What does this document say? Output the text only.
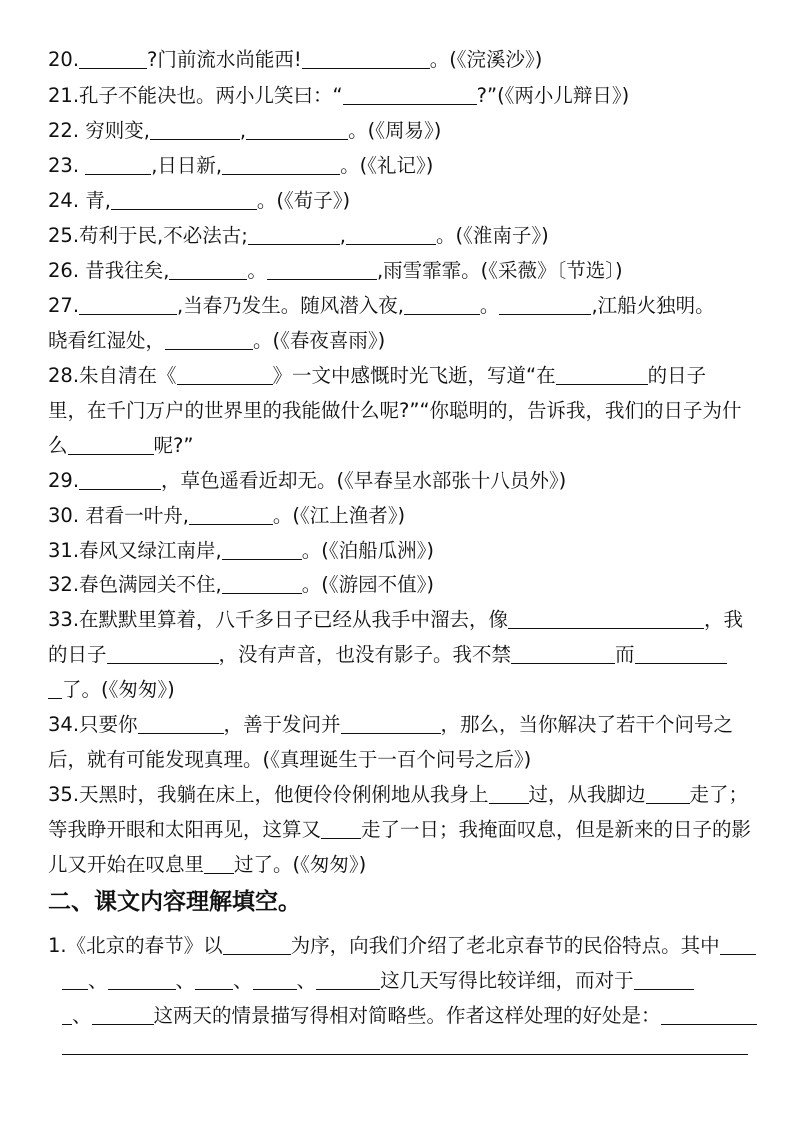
20.	?门前流水尚能西!	。(《浣溪沙》)
21.孔子不能决也。两小儿笑曰：“	?”(《两小儿辩日》)
22. 穷则变,	,	。(《周易》)
23.	,日日新,	。(《礼记》)
24. 青,	。(《荀子》)
25.苟利于民,不必法古;	,	。(《淮南子》)
26. 昔我往矣,	。	,雨雪霏霏。(《采薇》〔节选〕)
27.	,当春乃发生。随风潜入夜,	。	,江船火独明。
晓看红湿处，	。(《春夜喜雨》)
28.朱自清在《	》一文中感慨时光飞逝，写道“在	的日子
里，在千门万户的世界里的我能做什么呢?”“你聪明的，告诉我，我们的日子为什
么	呢?”
29.	，草色遥看近却无。(《早春呈水部张十八员外》)
30. 君看一叶舟,	。(《江上渔者》)
31.春风又绿江南岸,	。(《泊船瓜洲》)
32.春色满园关不住,	。(《游园不值》)
33.在默默里算着，八千多日子已经从我手中溜去，像	，我
的日子	，没有声音，也没有影子。我不禁	而
了。(《匆匆》)
34.只要你	，善于发问并	，那么，当你解决了若干个问号之
后，就有可能发现真理。(《真理诞生于一百个问号之后》)
35.天黑时，我躺在床上，他便伶伶俐俐地从我身上 过，从我脚边 走了；
等我睁开眼和太阳再见，这算又 走了一日；我掩面叹息，但是新来的日子的影
儿又开始在叹息里 过了。(《匆匆》)
二、课文内容理解填空。
1.《北京的春节》以	为序，向我们介绍了老北京春节的民俗特点。其中
、	、 、 、	这几天写得比较详细，而对于
、	这两天的情景描写得相对简略些。作者这样处理的好处是：
